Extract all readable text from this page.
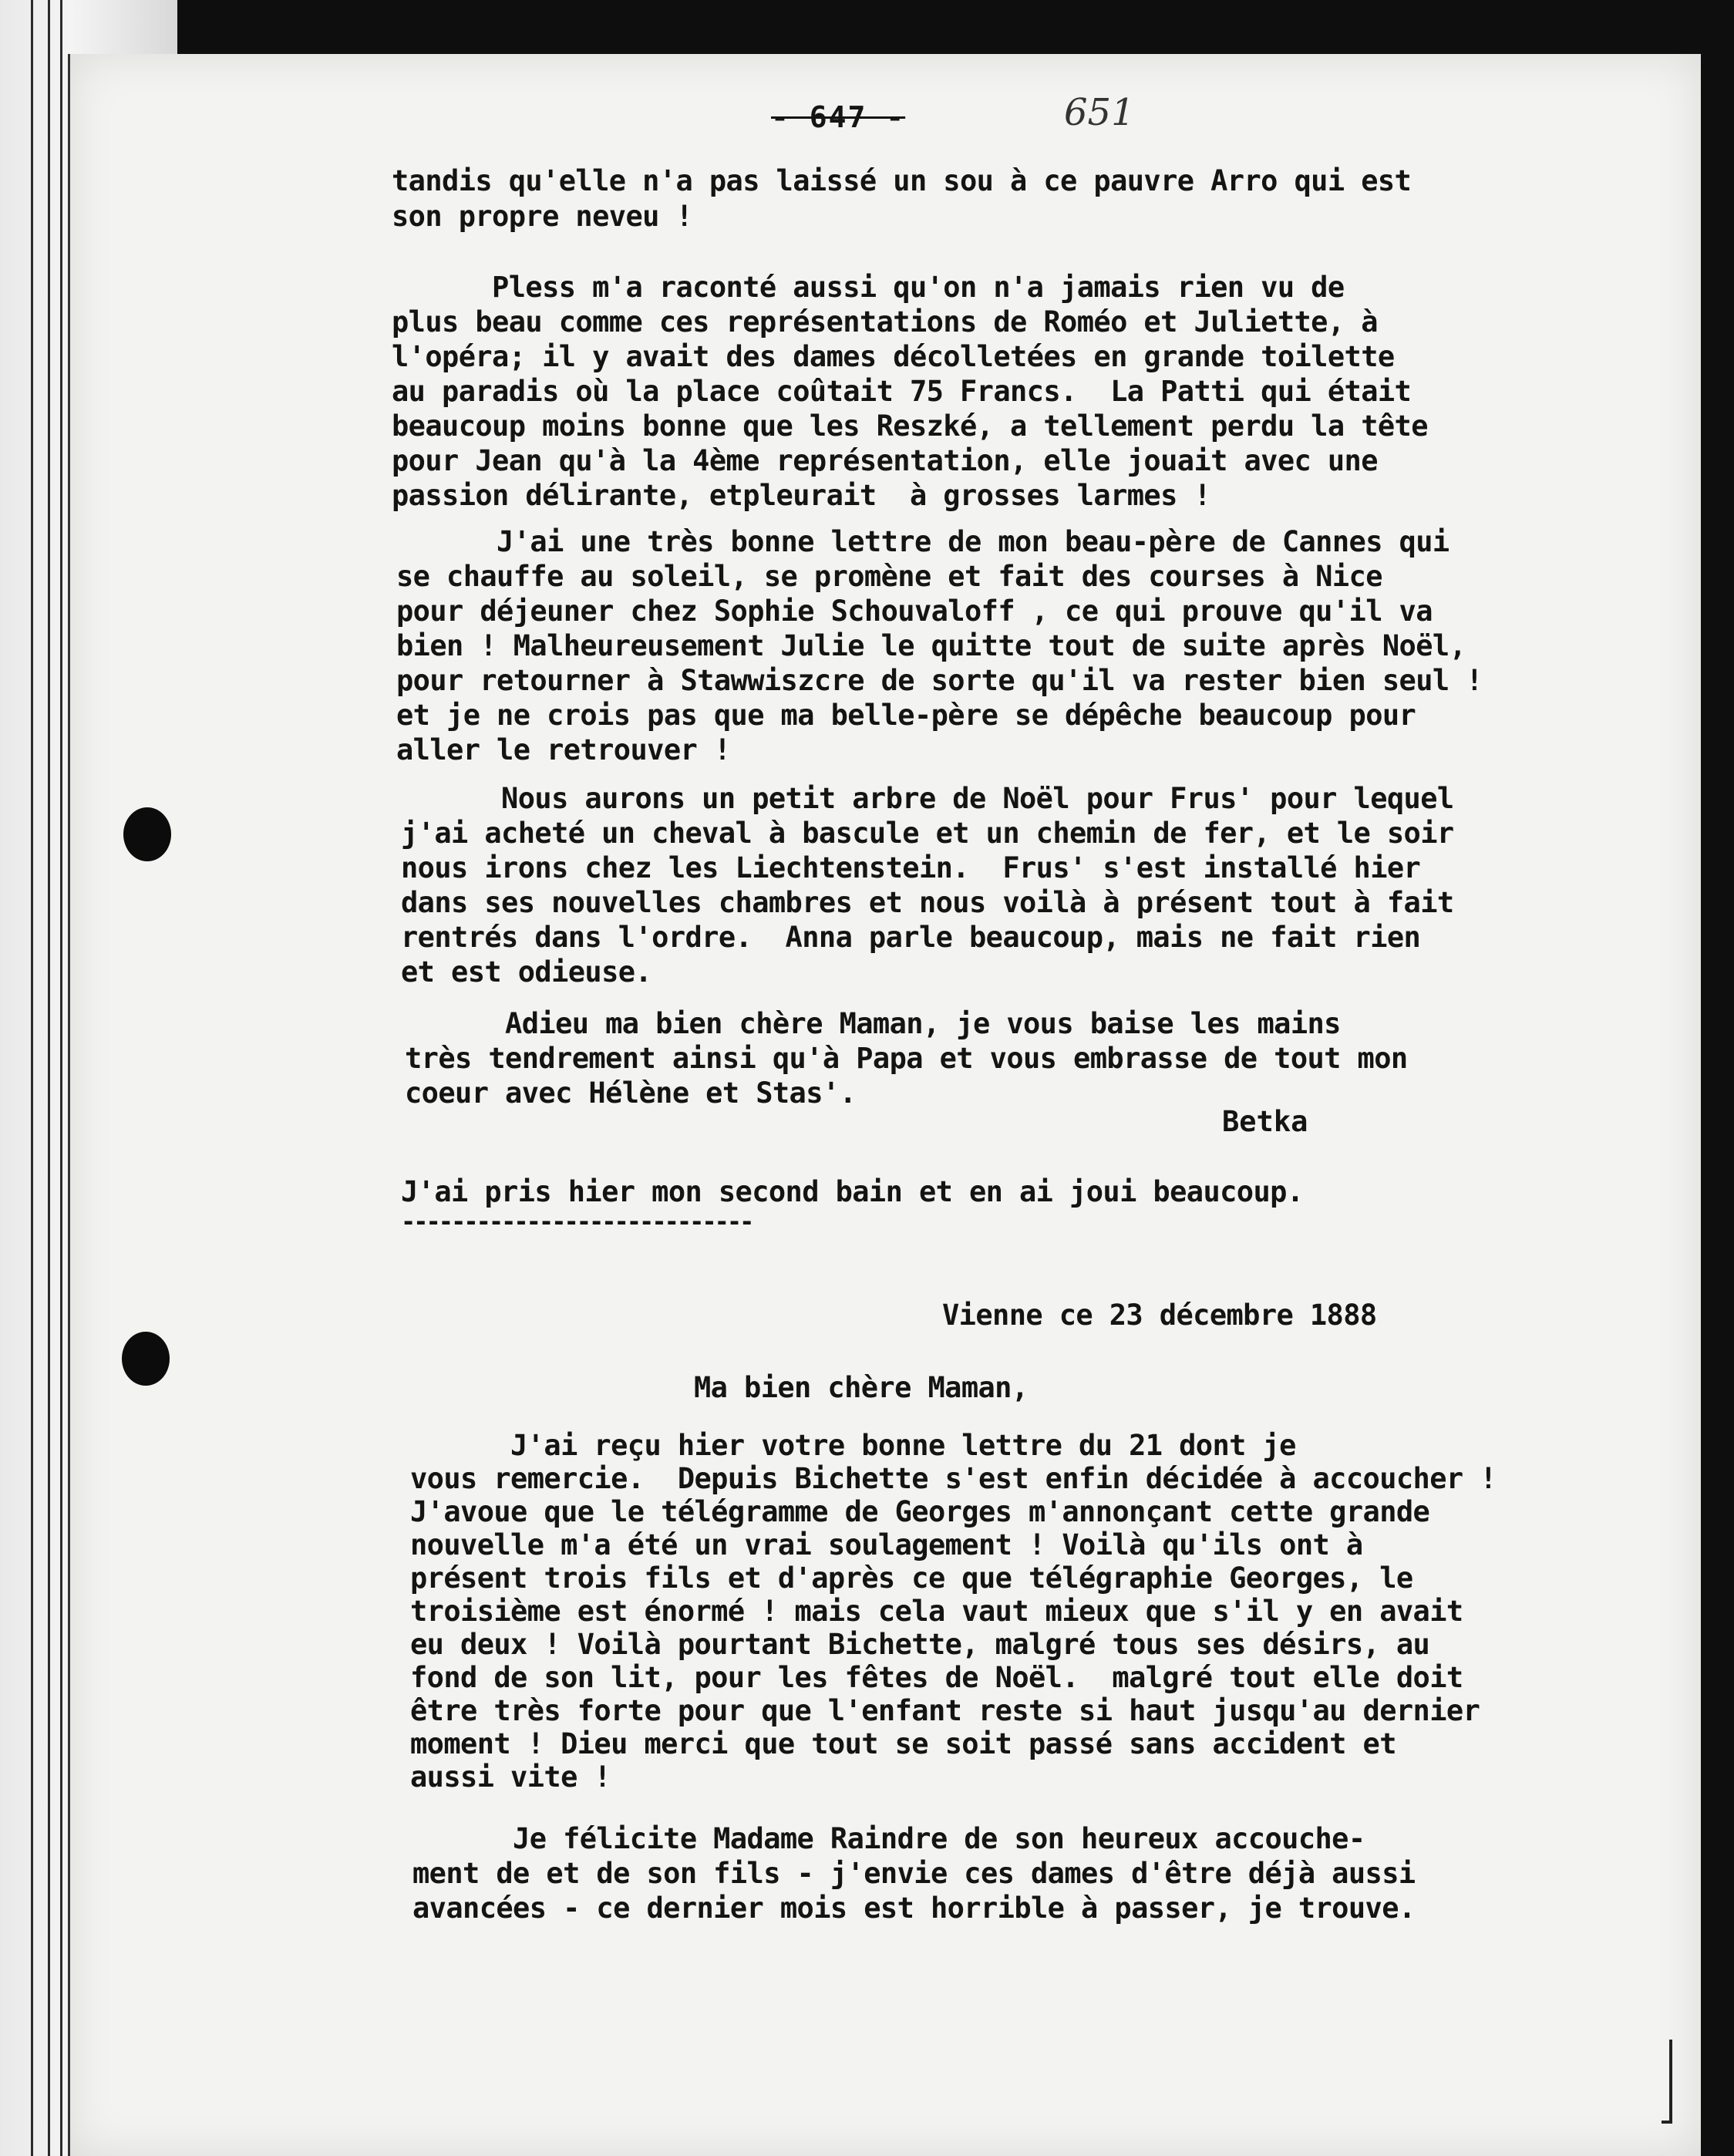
- 647 -	651
tandis qu'elle n'a pas laissé un sou à ce pauvre Arro qui est
son propre neveu !
Pless m'a raconté aussi qu'on n'a jamais rien vu de
plus beau comme ces représentations de Roméo et Juliette, à
l'opéra; il y avait des dames décolletées en grande toilette
au paradis où la place coûtait 75 Francs.  La Patti qui était
beaucoup moins bonne que les Reszké, a tellement perdu la tête
pour Jean qu'à la 4ème représentation, elle jouait avec une
passion délirante, etpleurait  à grosses larmes !
J'ai une très bonne lettre de mon beau-père de Cannes qui
se chauffe au soleil, se promène et fait des courses à Nice
pour déjeuner chez Sophie Schouvaloff , ce qui prouve qu'il va
bien ! Malheureusement Julie le quitte tout de suite après Noël,
pour retourner à Stawwiszcre de sorte qu'il va rester bien seul !
et je ne crois pas que ma belle-père se dépêche beaucoup pour
aller le retrouver !
Nous aurons un petit arbre de Noël pour Frus' pour lequel
j'ai acheté un cheval à bascule et un chemin de fer, et le soir
nous irons chez les Liechtenstein.  Frus' s'est installé hier
dans ses nouvelles chambres et nous voilà à présent tout à fait
rentrés dans l'ordre.  Anna parle beaucoup, mais ne fait rien
et est odieuse.
Adieu ma bien chère Maman, je vous baise les mains
très tendrement ainsi qu'à Papa et vous embrasse de tout mon
coeur avec Hélène et Stas'.
Betka
J'ai pris hier mon second bain et en ai joui beaucoup.
----------------------------
Vienne ce 23 décembre 1888
Ma bien chère Maman,
J'ai reçu hier votre bonne lettre du 21 dont je
vous remercie.  Depuis Bichette s'est enfin décidée à accoucher !
J'avoue que le télégramme de Georges m'annonçant cette grande
nouvelle m'a été un vrai soulagement ! Voilà qu'ils ont à
présent trois fils et d'après ce que télégraphie Georges, le
troisième est énormé ! mais cela vaut mieux que s'il y en avait
eu deux ! Voilà pourtant Bichette, malgré tous ses désirs, au
fond de son lit, pour les fêtes de Noël.  malgré tout elle doit
être très forte pour que l'enfant reste si haut jusqu'au dernier
moment ! Dieu merci que tout se soit passé sans accident et
aussi vite !
Je félicite Madame Raindre de son heureux accouche-
ment de et de son fils - j'envie ces dames d'être déjà aussi
avancées - ce dernier mois est horrible à passer, je trouve.
